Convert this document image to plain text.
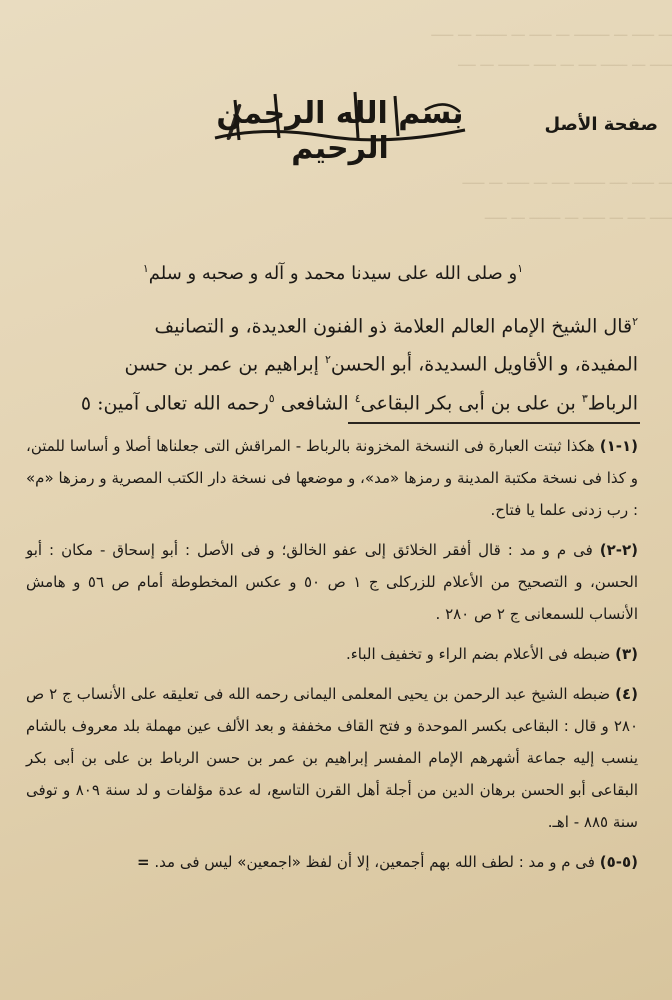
ـــ ـــــ ـــ ــــــــ ـــ ـــــ ـــ ـــــــ ـــ ـــــ
ـــــ ـــ ــــــ ــــ ـــ ـــــ ـــــــ ـــ ــــ
ـــ ـــــ ــــ ـــــــ ــــ ـــ ـــــ ـــ ـــــ
ـــــ ــــ ـــ ـــــ ـــ ـــــــ ـــ ـــــ
صفحة الأصل
بسم الله الرحمن الرحيم

$^١$و صلى الله على سيدنا محمد و آله و صحبه و سلم$^١$

$^٢$قال الشيخ الإمام العالم العلامة ذو الفنون العديدة، و التصانيف

المفيدة، و الأقاويل السديدة، أبو الحسن$^٢$ إبراهيم بن عمر بن حسن

الرباط$^٣$ بن على بن أبى بكر البقاعى$^٤$ الشافعى $^٥$رحمه الله تعالى آمين: ٥

(١-١) هكذا ثبتت العبارة فى النسخة المخزونة بالرباط - المراقش التى جعلناها أصلا و أساسا للمتن، و كذا فى نسخة مكتبة المدينة و رمزها «مد»، و موضعها فى نسخة دار الكتب المصرية و رمزها «م» : رب زدنى علما يا فتاح.

(٢-٢) فى م و مد : قال أفقر الخلائق إلى عفو الخالق؛ و فى الأصل : أبو إسحاق - مكان : أبو الحسن، و التصحيح من الأعلام للزركلى ج ١ ص ٥٠ و عكس المخطوطة أمام ص ٥٦ و هامش الأنساب للسمعانى ج ٢ ص ٢٨٠ .

(٣) ضبطه فى الأعلام بضم الراء و تخفيف الباء.

(٤) ضبطه الشيخ عبد الرحمن بن يحيى المعلمى اليمانى رحمه الله فى تعليقه على الأنساب ج ٢ ص ٢٨٠ و قال : البقاعى بكسر الموحدة و فتح القاف مخففة و بعد الألف عين مهملة بلد معروف بالشام ينسب إليه جماعة أشهرهم الإمام المفسر إبراهيم بن عمر بن حسن الرباط بن على بن أبى بكر البقاعى أبو الحسن برهان الدين من أجلة أهل القرن التاسع، له عدة مؤلفات و لد سنة ٨٠٩ و توفى سنة ٨٨٥ - اهـ.

(٥-٥) فى م و مد : لطف الله بهم أجمعين، إلا أن لفظ «اجمعين» ليس فى مد. =
